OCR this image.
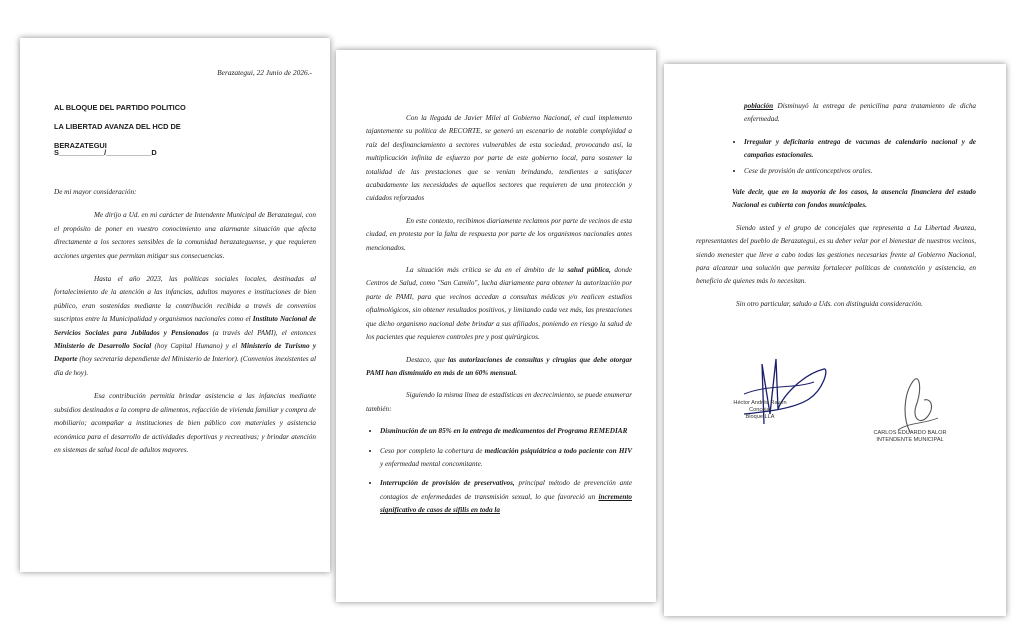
Berazategui, 22 Junio de 2026.-
AL BLOQUE DEL PARTIDO POLITICO
LA LIBERTAD AVANZA DEL HCD DE
BERAZATEGUI
S___________/___________D

De mi mayor consideración:

Me dirijo a Ud. en mi carácter de Intendente Municipal de Berazategui, con el propósito de poner en vuestro conocimiento una alarmante situación que afecta directamente a los sectores sensibles de la comunidad berazateguense, y que requieren acciones urgentes que permitan mitigar sus consecuencias.

Hasta el año 2023, las políticas sociales locales, destinadas al fortalecimiento de la atención a las infancias, adultos mayores e instituciones de bien público, eran sostenidas mediante la contribución recibida a través de convenios suscriptos entre la Municipalidad y organismos nacionales como el Instituto Nacional de Servicios Sociales para Jubilados y Pensionados (a través del PAMI), el entonces Ministerio de Desarrollo Social (hoy Capital Humano) y el Ministerio de Turismo y Deporte (hoy secretaría dependiente del Ministerio de Interior). (Convenios inexistentes al día de hoy).

Esa contribución permitía brindar asistencia a las infancias mediante subsidios destinados a la compra de alimentos, refacción de vivienda familiar y compra de mobiliario; acompañar a instituciones de bien público con materiales y asistencia económica para el desarrollo de actividades deportivas y recreativas; y brindar atención en sistemas de salud local de adultos mayores.

Con la llegada de Javier Milei al Gobierno Nacional, el cual implemento tajantemente su política de RECORTE, se generó un escenario de notable complejidad a raíz del desfinanciamiento a sectores vulnerables de esta sociedad, provocando así, la multiplicación infinita de esfuerzo por parte de este gobierno local, para sostener la totalidad de las prestaciones que se venían brindando, tendientes a satisfacer acabadamente las necesidades de aquellos sectores que requieren de una protección y cuidados reforzados

En este contexto, recibimos diariamente reclamos por parte de vecinos de esta ciudad, en protesta por la falta de respuesta por parte de los organismos nacionales antes mencionados.

La situación más crítica se da en el ámbito de la salud pública, donde Centros de Salud, como "San Camilo", lucha diariamente para obtener la autorización por parte de PAMI, para que vecinos accedan a consultas médicas y/o realicen estudios oftalmológicos, sin obtener resultados positivos, y limitando cada vez más, las prestaciones que dicho organismo nacional debe brindar a sus afiliados, poniendo en riesgo la salud de los pacientes que requieren controles pre y post quirúrgicos.

Destaco, que las autorizaciones de consultas y cirugías que debe otorgar PAMI han disminuido en más de un 60% mensual.

Siguiendo la misma línea de estadísticas en decrecimiento, se puede enumerar también:

• Disminución de un 85% en la entrega de medicamentos del Programa REMEDIAR
• Ceso por completo la cobertura de medicación psiquiátrica a todo paciente con HIV y enfermedad mental concomitante.
• Interrupción de provisión de preservativos, principal método de prevención ante contagios de enfermedades de transmisión sexual, lo que favoreció un incremento significativo de casos de sífilis en toda la

población Disminuyó la entrega de penicilina para tratamiento de dicha enfermedad.

• Irregular y deficitaria entrega de vacunas de calendario nacional y de campañas estacionales.
• Cese de provisión de anticonceptivos orales.

Vale decir, que en la mayoría de los casos, la ausencia financiera del estado Nacional es cubierta con fondos municipales.

Siendo usted y el grupo de concejales que representa a La Libertad Avanza, representantes del pueblo de Berazategui, es su deber velar por el bienestar de nuestros vecinos, siendo menester que lleve a cabo todas las gestiones necesarias frente al Gobierno Nacional, para alcanzar una solución que permita fortalecer políticas de contención y asistencia, en beneficio de quienes más lo necesitan.

Sin otro particular, saludo a Uds. con distinguida consideración.

Héctor Andrés Raven
Concejal
Bloque LLA
CARLOS EDUARDO BALOR
INTENDENTE MUNICIPAL
